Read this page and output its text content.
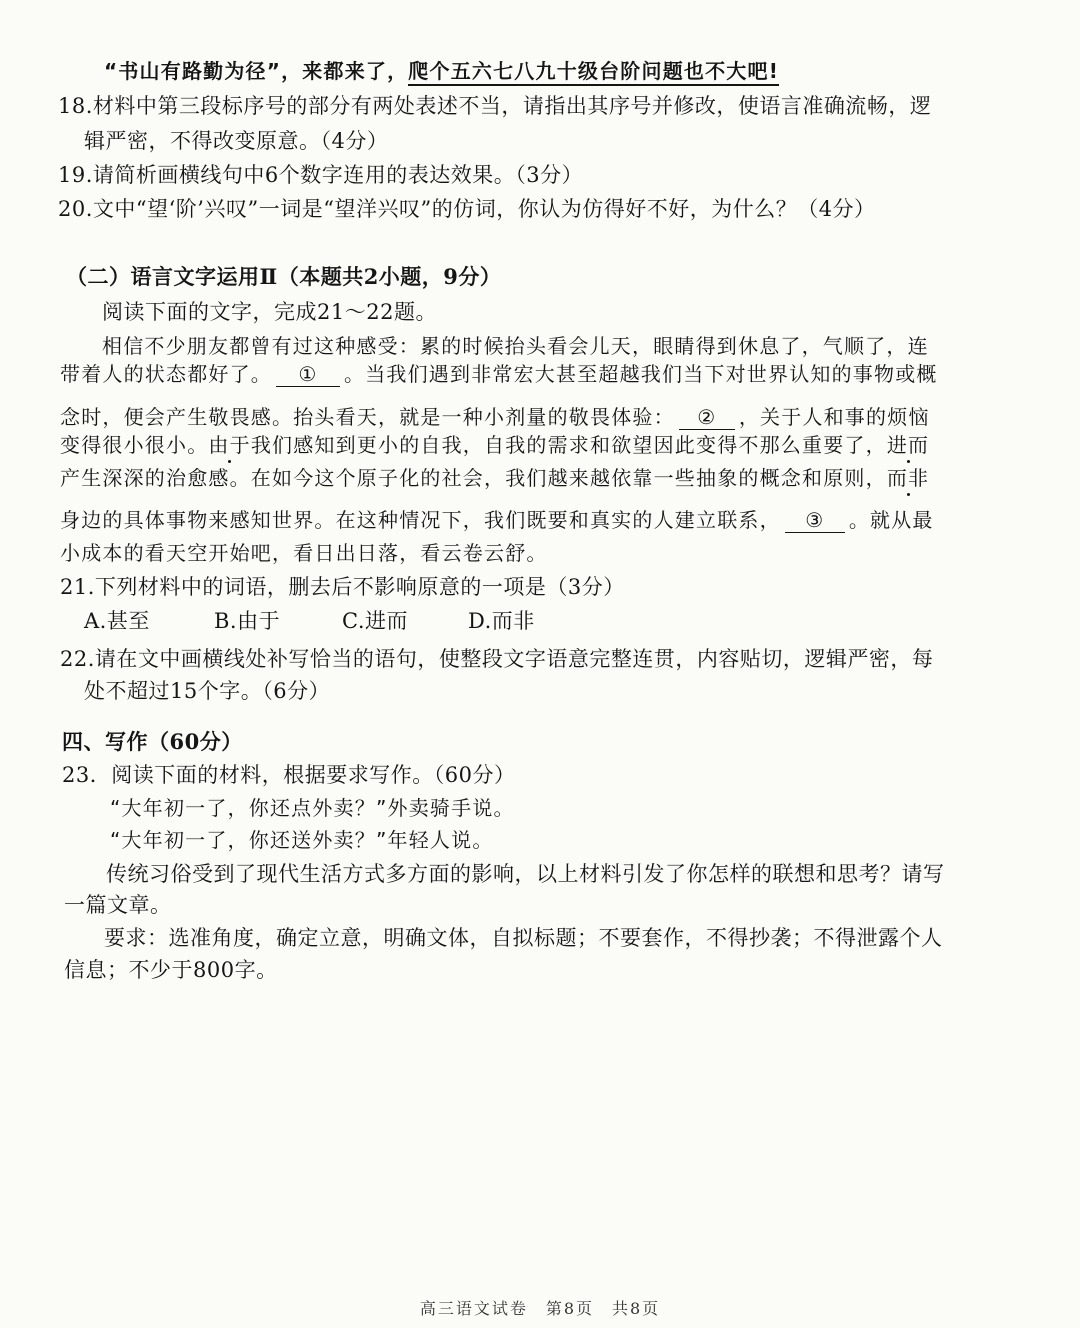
“书山有路勤为径”，来都来了，爬个五六七八九十级台阶问题也不大吧!
18.材料中第三段标序号的部分有两处表述不当，请指出其序号并修改，使语言准确流畅，逻
辑严密，不得改变原意。（4分）
19.请简析画横线句中6个数字连用的表达效果。（3分）
20.文中“望‘阶’兴叹”一词是“望洋兴叹”的仿词，你认为仿得好不好，为什么？（4分）
（二）语言文字运用Ⅱ（本题共2小题，9分）
阅读下面的文字，完成21～22题。
相信不少朋友都曾有过这种感受：累的时候抬头看会儿天，眼睛得到休息了，气顺了，连
带着人的状态都好了。 ① 。当我们遇到非常宏大甚至超越我们当下对世界认知的事物或概
念时，便会产生敬畏感。抬头看天，就是一种小剂量的敬畏体验： ② ，关于人和事的烦恼
变得很小很小。由于我们感知到更小的自我，自我的需求和欲望因此变得不那么重要了，进而
产生深深的治愈感。在如今这个原子化的社会，我们越来越依靠一些抽象的概念和原则，而非
身边的具体事物来感知世界。在这种情况下，我们既要和真实的人建立联系， ③ 。就从最
小成本的看天空开始吧，看日出日落，看云卷云舒。
21.下列材料中的词语，删去后不影响原意的一项是（3分）
A.甚至	B.由于	C.进而	D.而非
22.请在文中画横线处补写恰当的语句，使整段文字语意完整连贯，内容贴切，逻辑严密，每
处不超过15个字。（6分）
四、写作（60分）
23．阅读下面的材料，根据要求写作。（60分）
“大年初一了，你还点外卖？”外卖骑手说。
“大年初一了，你还送外卖？”年轻人说。
传统习俗受到了现代生活方式多方面的影响，以上材料引发了你怎样的联想和思考？请写
一篇文章。
要求：选准角度，确定立意，明确文体，自拟标题；不要套作，不得抄袭；不得泄露个人
信息；不少于800字。
高三语文试卷　第8页　共8页
